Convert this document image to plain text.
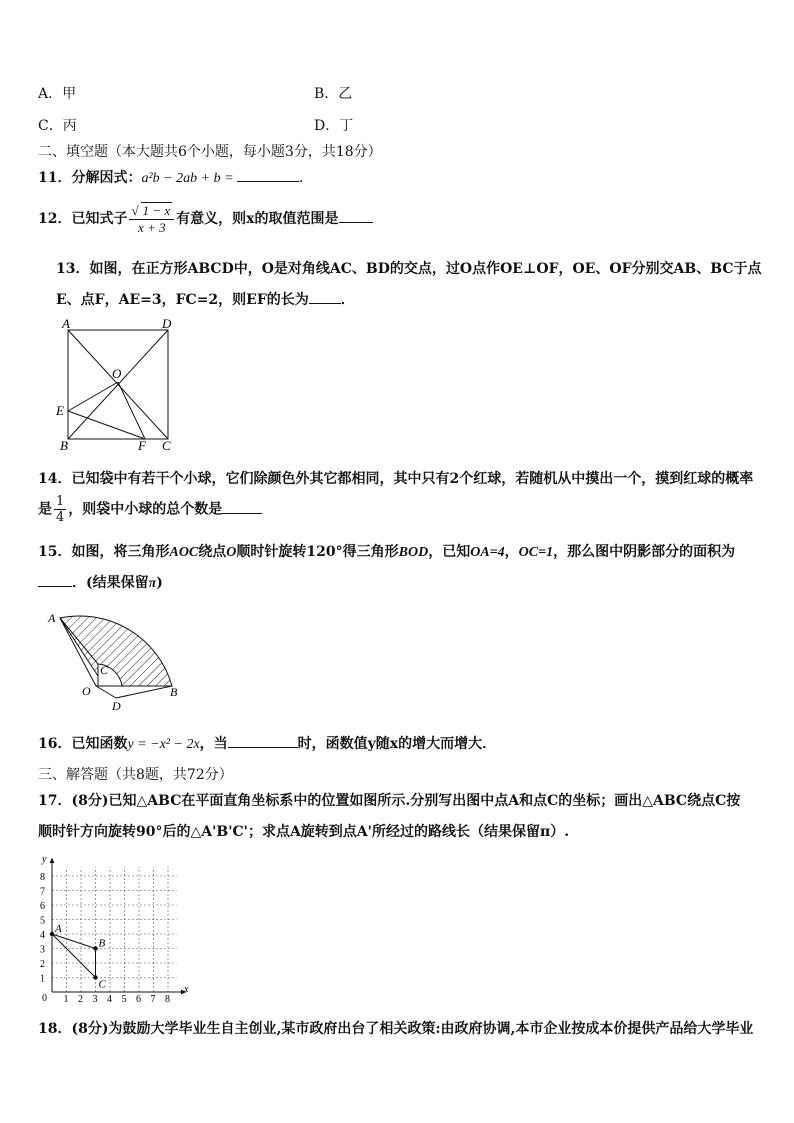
A．甲	B．乙
C．丙	D．丁
二、填空题（本大题共6个小题，每小题3分，共18分）
11．分解因式：a²b − 2ab + b =	．
12．已知式子 $\frac{√ 1 - x}{x + 3}$ 有意义，则x的取值范围是
13．如图，在正方形ABCD中，O是对角线AC、BD的交点，过O点作OE⊥OF，OE、OF分别交AB、BC于点
E、点F，AE=3，FC=2，则EF的长为 ．
A	D
O
E
B	F C
14．已知袋中有若干个小球，它们除颜色外其它都相同，其中只有2个红球，若随机从中摸出一个，摸到红球的概率
是 $\frac{1}{4}$ ，则袋中小球的总个数是
15．如图，将三角形AOC绕点O顺时针旋转120°得三角形BOD，已知OA=4，OC=1，那么图中阴影部分的面积为
．(结果保留π)
A
C
O
D
B
16．已知函数y = −x² − 2x，当	时，函数值y随x的增大而增大．
三、解答题（共8题，共72分）
17．(8分)已知△ABC在平面直角坐标系中的位置如图所示.分别写出图中点A和点C的坐标；画出△ABC绕点C按
顺时针方向旋转90°后的△A'B'C'；求点A旋转到点A'所经过的路线长（结果保留π）.
y
x
0 1
1
2
2
3
3
4
4
5
5
6
6
7
7
8
8
A
B
C
18．(8分)为鼓励大学毕业生自主创业,某市政府出台了相关政策:由政府协调,本市企业按成本价提供产品给大学毕业
